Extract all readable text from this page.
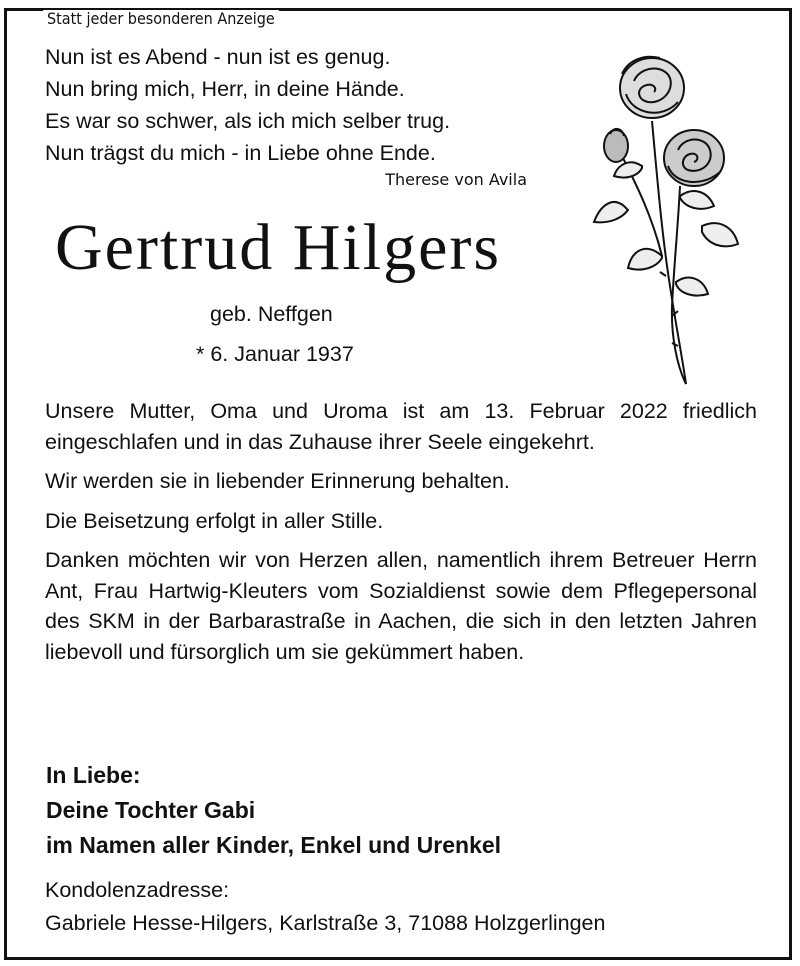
Statt jeder besonderen Anzeige
Nun ist es Abend - nun ist es genug.
Nun bring mich, Herr, in deine Hände.
Es war so schwer, als ich mich selber trug.
Nun trägst du mich - in Liebe ohne Ende.
Therese von Avila
Gertrud Hilgers
geb. Neffgen
* 6. Januar 1937

Unsere Mutter, Oma und Uroma ist am 13. Februar 2022 friedlich eingeschlafen und in das Zuhause ihrer Seele eingekehrt.

Wir werden sie in liebender Erinnerung behalten.

Die Beisetzung erfolgt in aller Stille.

Danken möchten wir von Herzen allen, namentlich ihrem Betreuer Herrn Ant, Frau Hartwig-Kleuters vom Sozialdienst sowie dem Pflegepersonal des SKM in der Barbarastraße in Aachen, die sich in den letzten Jahren liebevoll und fürsorglich um sie gekümmert haben.

In Liebe:
Deine Tochter Gabi
im Namen aller Kinder, Enkel und Urenkel
Kondolenzadresse:
Gabriele Hesse-Hilgers, Karlstraße 3, 71088 Holzgerlingen
